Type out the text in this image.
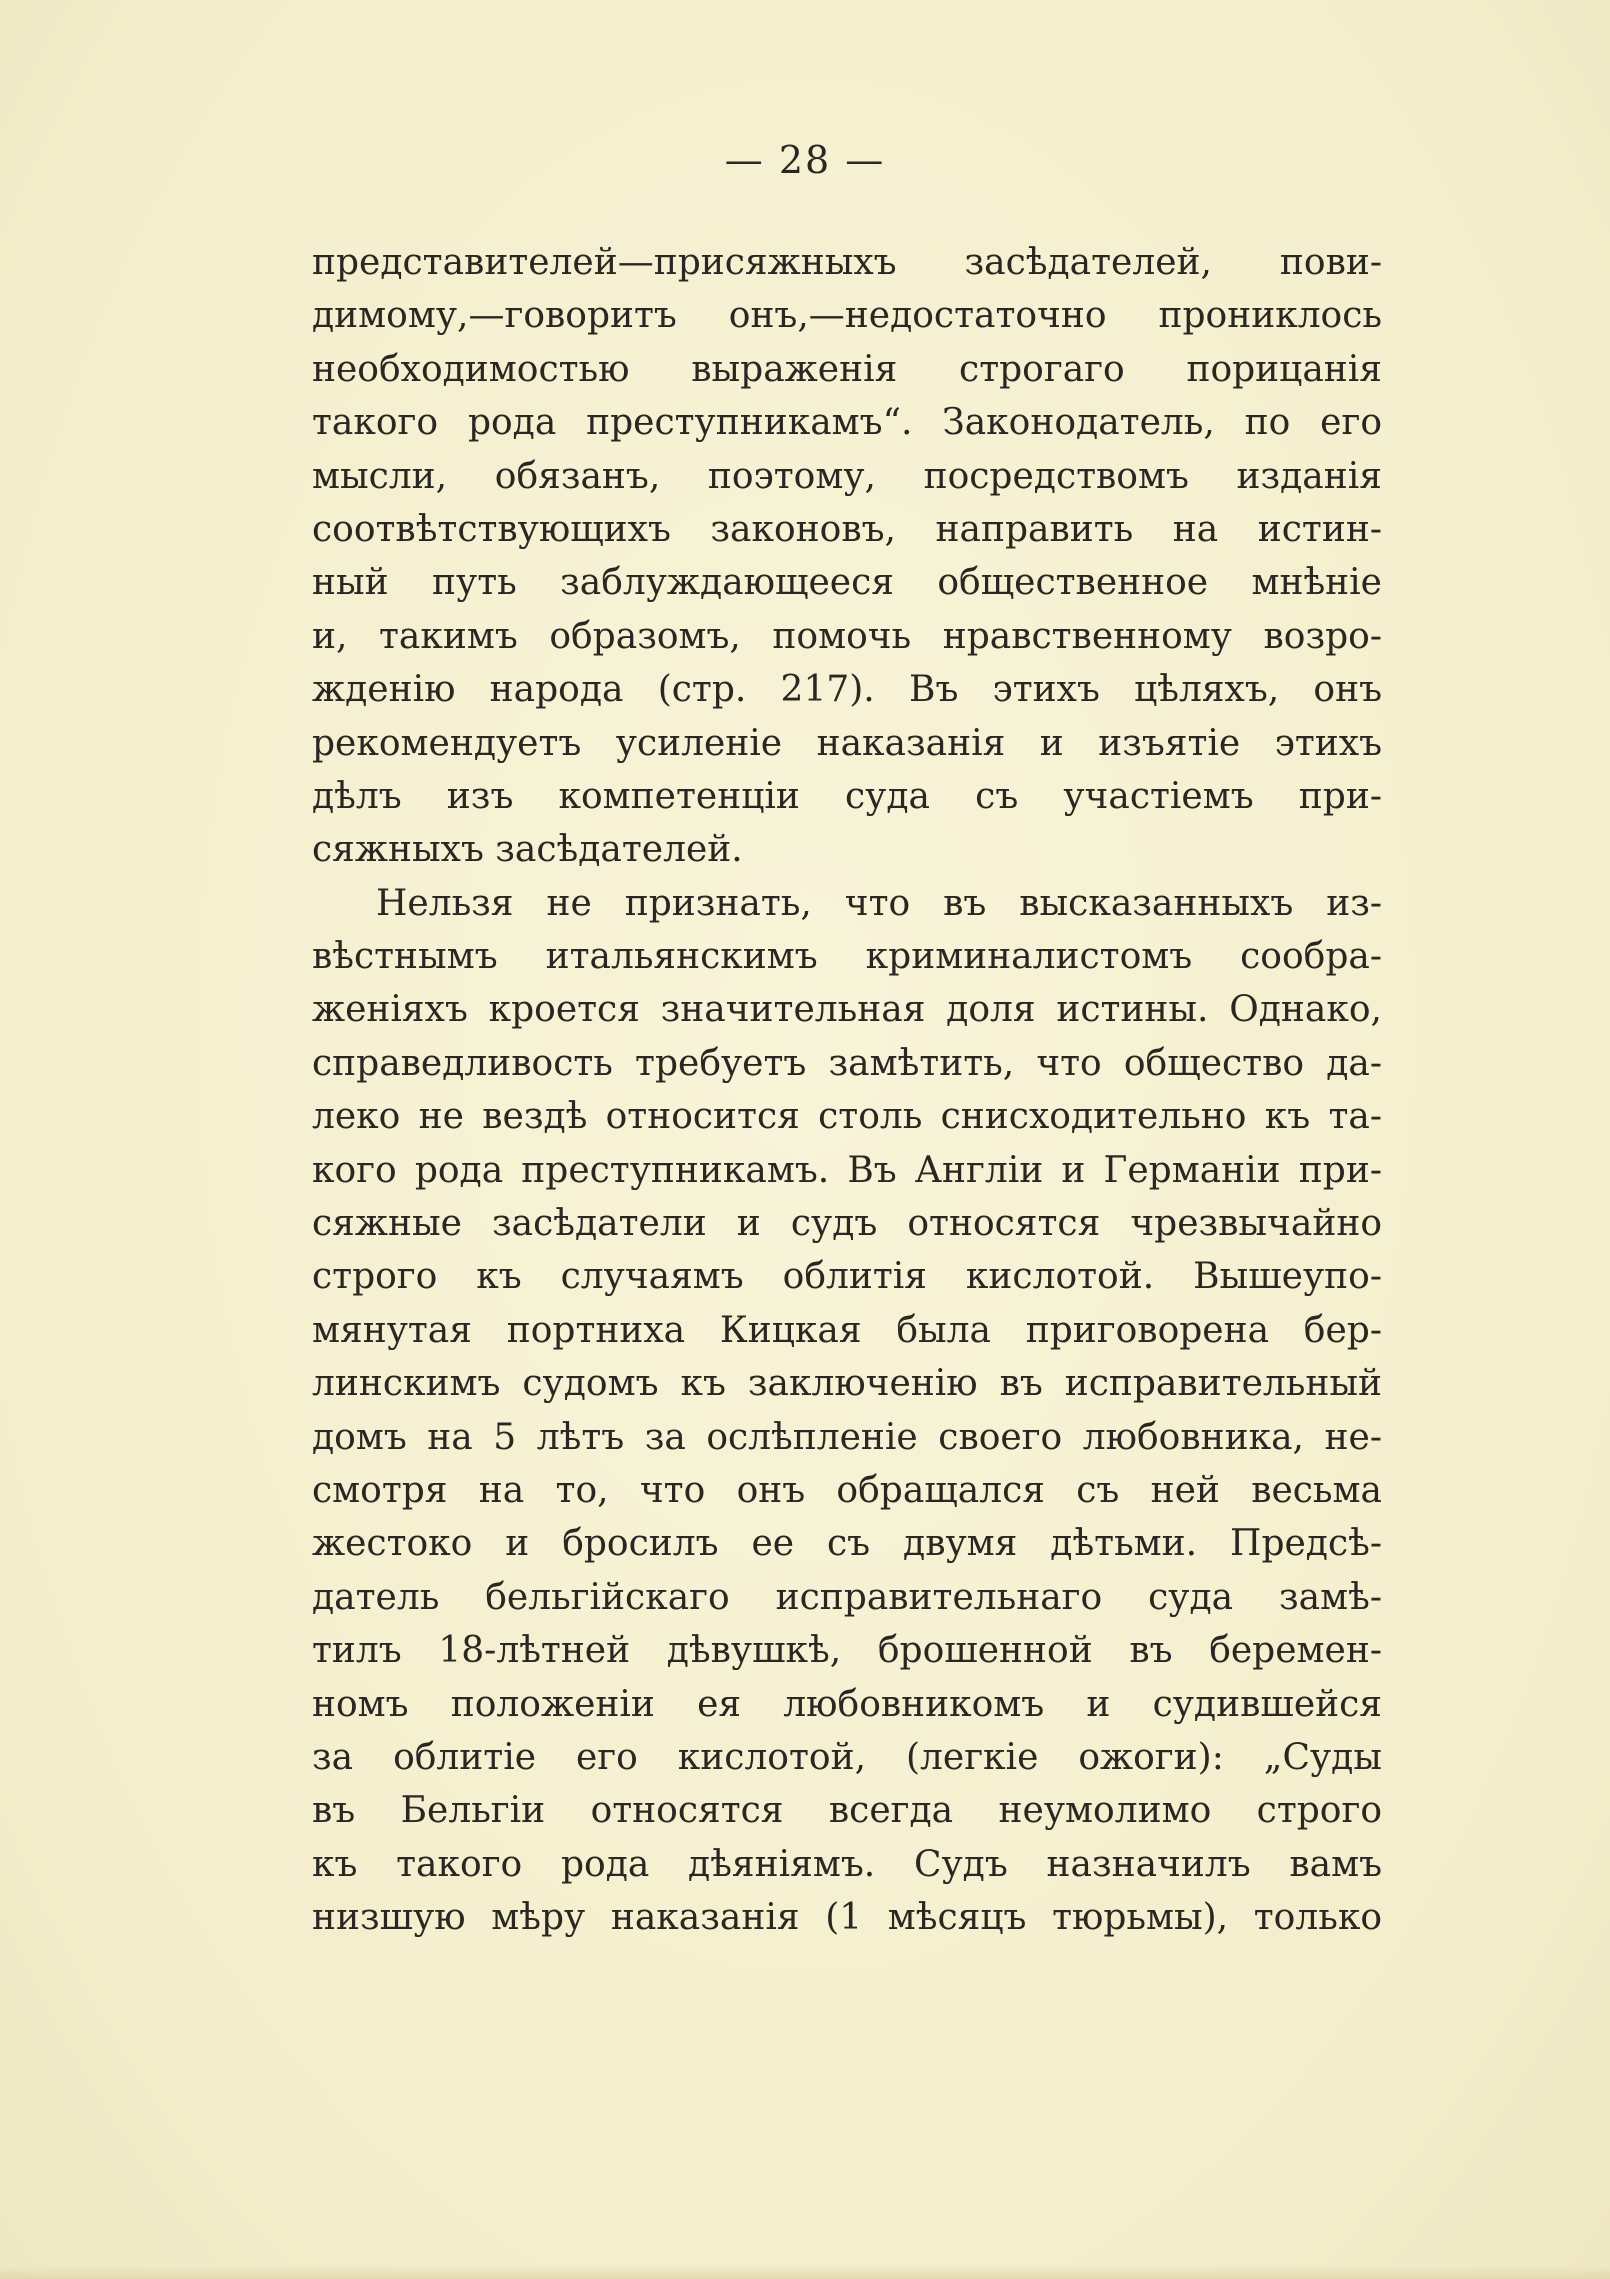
— 28 —
представителей—присяжныхъ засѣдателей, пови-
димому,—говоритъ онъ,—недостаточно прониклось
необходимостью выраженія строгаго порицанія
такого рода преступникамъ“. Законодатель, по его
мысли, обязанъ, поэтому, посредствомъ изданія
соотвѣтствующихъ законовъ, направить на истин-
ный путь заблуждающееся общественное мнѣніе
и, такимъ образомъ, помочь нравственному возро-
жденію народа (стр. 217). Въ этихъ цѣляхъ, онъ
рекомендуетъ усиленіе наказанія и изъятіе этихъ
дѣлъ изъ компетенціи суда съ участіемъ при-
сяжныхъ засѣдателей.
Нельзя не признать, что въ высказанныхъ из-
вѣстнымъ итальянскимъ криминалистомъ сообра-
женіяхъ кроется значительная доля истины. Однако,
справедливость требуетъ замѣтить, что общество да-
леко не вездѣ относится столь снисходительно къ та-
кого рода преступникамъ. Въ Англіи и Германіи при-
сяжные засѣдатели и судъ относятся чрезвычайно
строго къ случаямъ облитія кислотой. Вышеупо-
мянутая портниха Кицкая была приговорена бер-
линскимъ судомъ къ заключенію въ исправительный
домъ на 5 лѣтъ за ослѣпленіе своего любовника, не-
смотря на то, что онъ обращался съ ней весьма
жестоко и бросилъ ее съ двумя дѣтьми. Предсѣ-
датель бельгійскаго исправительнаго суда замѣ-
тилъ 18-лѣтней дѣвушкѣ, брошенной въ беремен-
номъ положеніи ея любовникомъ и судившейся
за облитіе его кислотой, (легкіе ожоги): „Суды
въ Бельгіи относятся всегда неумолимо строго
къ такого рода дѣяніямъ. Судъ назначилъ вамъ
низшую мѣру наказанія (1 мѣсяцъ тюрьмы), только
